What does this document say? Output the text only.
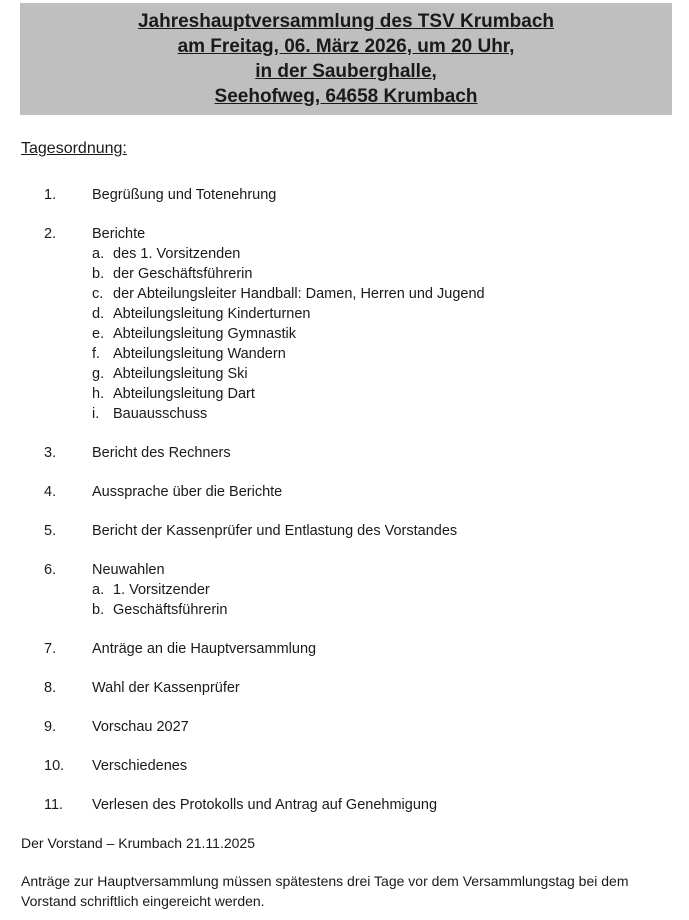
Jahreshauptversammlung des TSV Krumbach
am Freitag, 06. März 2026, um 20 Uhr,
in der Sauberghalle,
Seehofweg, 64658 Krumbach
Tagesordnung:
1.	Begrüßung und Totenehrung
2.	Berichte
a. des 1. Vorsitzenden
b. der Geschäftsführerin
c. der Abteilungsleiter Handball: Damen, Herren und Jugend
d. Abteilungsleitung Kinderturnen
e. Abteilungsleitung Gymnastik
f. Abteilungsleitung Wandern
g. Abteilungsleitung Ski
h. Abteilungsleitung Dart
i. Bauausschuss
3.	Bericht des Rechners
4.	Aussprache über die Berichte
5.	Bericht der Kassenprüfer und Entlastung des Vorstandes
6.	Neuwahlen
a. 1. Vorsitzender
b. Geschäftsführerin
7.	Anträge an die Hauptversammlung
8.	Wahl der Kassenprüfer
9.	Vorschau 2027
10.	Verschiedenes
11.	Verlesen des Protokolls und Antrag auf Genehmigung
Der Vorstand – Krumbach 21.11.2025
Anträge zur Hauptversammlung müssen spätestens drei Tage vor dem Versammlungstag bei dem Vorstand schriftlich eingereicht werden.
